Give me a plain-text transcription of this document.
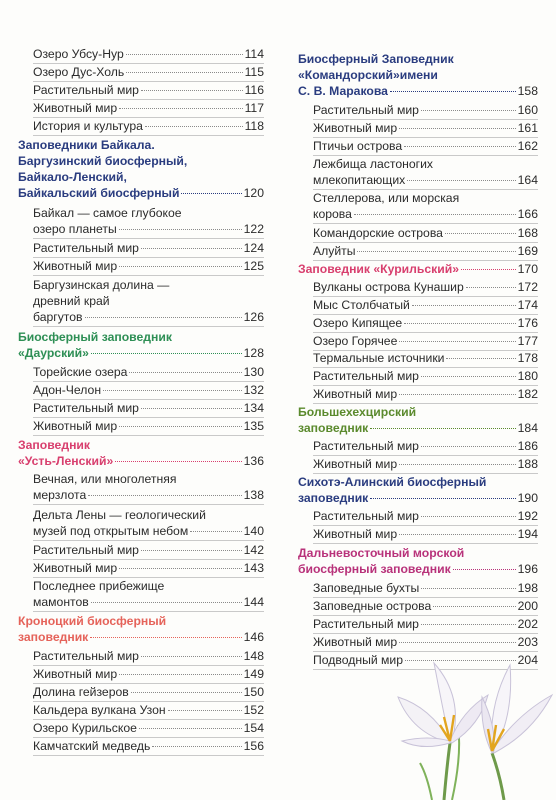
Озеро Убсу-Нур	114
Озеро Дус-Холь	115
Растительный мир	116
Животный мир	117
История и культура	118
Заповедники Байкала.
Баргузинский биосферный,
Байкало-Ленский,
Байкальский биосферный	120
Байкал — самое глубокое
озеро планеты	122
Растительный мир	124
Животный мир	125
Баргузинская долина —
древний край
баргутов	126
Биосферный заповедник
«Даурский»	128
Торейские озера	130
Адон-Челон	132
Растительный мир	134
Животный мир	135
Заповедник
«Усть-Ленский»	136
Вечная, или многолетняя
мерзлота	138
Дельта Лены — геологический
музей под открытым небом	140
Растительный мир	142
Животный мир	143
Последнее прибежище
мамонтов	144
Кроноцкий биосферный
заповедник	146
Растительный мир	148
Животный мир	149
Долина гейзеров	150
Кальдера вулкана Узон	152
Озеро Курильское	154
Камчатский медведь	156
Биосферный Заповедник
«Командорский»имени
С. В. Маракова	158
Растительный мир	160
Животный мир	161
Птичьи острова	162
Лежбища ластоногих
млекопитающих	164
Стеллерова, или морская
корова	166
Командорские острова	168
Алуйты	169
Заповедник «Курильский»	170
Вулканы острова Кунашир	172
Мыс Столбчатый	174
Озеро Кипящее	176
Озеро Горячее	177
Термальные источники	178
Растительный мир	180
Животный мир	182
Большехехцирский
заповедник	184
Растительный мир	186
Животный мир	188
Сихотэ-Алинский биосферный
заповедник	190
Растительный мир	192
Животный мир	194
Дальневосточный морской
биосферный заповедник	196
Заповедные бухты	198
Заповедные острова	200
Растительный мир	202
Животный мир	203
Подводный мир	204
